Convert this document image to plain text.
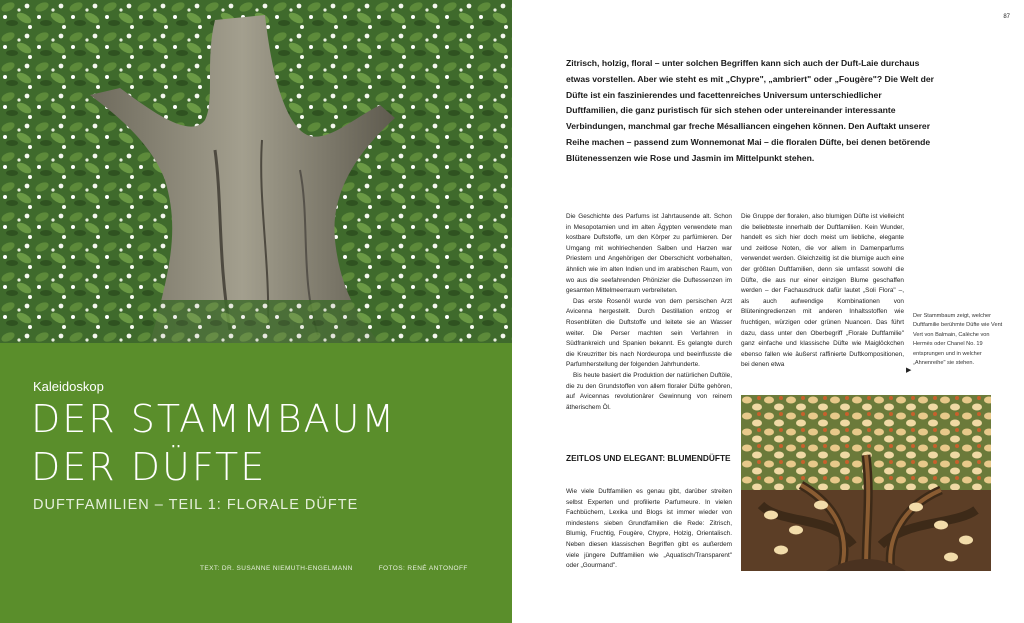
Kaleidoskop
DER STAMMBAUM
DER DÜFTE
DUFTFAMILIEN – TEIL 1: FLORALE DÜFTE
TEXT: DR. SUSANNE NIEMUTH-ENGELMANN	FOTOS: RENÉ ANTONOFF
87
Zitrisch, holzig, floral – unter solchen Begriffen kann sich auch der Duft-Laie durchaus etwas vorstellen. Aber wie steht es mit „Chypre", „ambriert" oder „Fougère"? Die Welt der Düfte ist ein faszinierendes und facettenreiches Universum unterschiedlicher Duftfamilien, die ganz puristisch für sich stehen oder untereinander interessante Verbindungen, manchmal gar freche Mésalliancen eingehen können. Den Auftakt unserer Reihe machen – passend zum Wonnemonat Mai – die floralen Düfte, bei denen betörende Blütenessenzen wie Rose und Jasmin im Mittelpunkt stehen.

Die Geschichte des Parfums ist Jahrtausende alt. Schon in Mesopotamien und im alten Ägypten verwendete man kostbare Duftstoffe, um den Körper zu parfümieren. Der Umgang mit wohlriechenden Salben und Harzen war Priestern und Angehörigen der Oberschicht vorbehalten, ähnlich wie im alten Indien und im arabischen Raum, von wo aus die seefahrenden Phönizier die Duftessenzen im gesamten Mittelmeerraum verbreiteten.

Das erste Rosenöl wurde von dem persischen Arzt Avicenna hergestellt. Durch Destillation entzog er Rosenblüten die Duftstoffe und leitete sie an Wasser weiter. Die Perser machten sein Verfahren in Südfrankreich und Spanien bekannt. Es gelangte durch die Kreuzritter bis nach Nordeuropa und beeinflusste die Parfumherstellung der folgenden Jahrhunderte.

Bis heute basiert die Produktion der natürlichen Duftöle, die zu den Grundstoffen von allem floraler Düfte gehören, auf Avicennas revolutionärer Gewinnung von reinem ätherischem Öl.

Die Gruppe der floralen, also blumigen Düfte ist vielleicht die beliebteste innerhalb der Duftfamilien. Kein Wunder, handelt es sich hier doch meist um liebliche, elegante und zeitlose Noten, die vor allem in Damenparfums verwendet werden. Gleichzeitig ist die blumige auch eine der größten Duftfamilien, denn sie umfasst sowohl die Düfte, die aus nur einer einzigen Blume geschaffen werden – der Fachausdruck dafür lautet „Soli Flora" –, als auch aufwendige Kombinationen von Blüteningredienzen mit anderen Inhaltsstoffen wie fruchtigen, würzigen oder grünen Nuancen. Das führt dazu, dass unter den Oberbegriff „Florale Duftfamilie" ganz einfache und klassische Düfte wie Maiglöckchen ebenso fallen wie äußerst raffinierte Duftkompositionen, bei denen etwa

▶
ZEITLOS UND ELEGANT: BLUMENDÜFTE

Wie viele Duftfamilien es genau gibt, darüber streiten selbst Experten und profilierte Parfumeure. In vielen Fachbüchern, Lexika und Blogs ist immer wieder von mindestens sieben Grundfamilien die Rede: Zitrisch, Blumig, Fruchtig, Fougère, Chypre, Holzig, Orientalisch. Neben diesen klassischen Begriffen gibt es außerdem viele jüngere Duftfamilien wie „Aquatisch/Transparent" oder „Gourmand".

Der Stammbaum zeigt, welcher Duftfamilie berühmte Düfte wie Vent Vert von Balmain, Calèche von Hermès oder Chanel No. 19 entsprungen und in welcher „Ahnenreihe" sie stehen.
